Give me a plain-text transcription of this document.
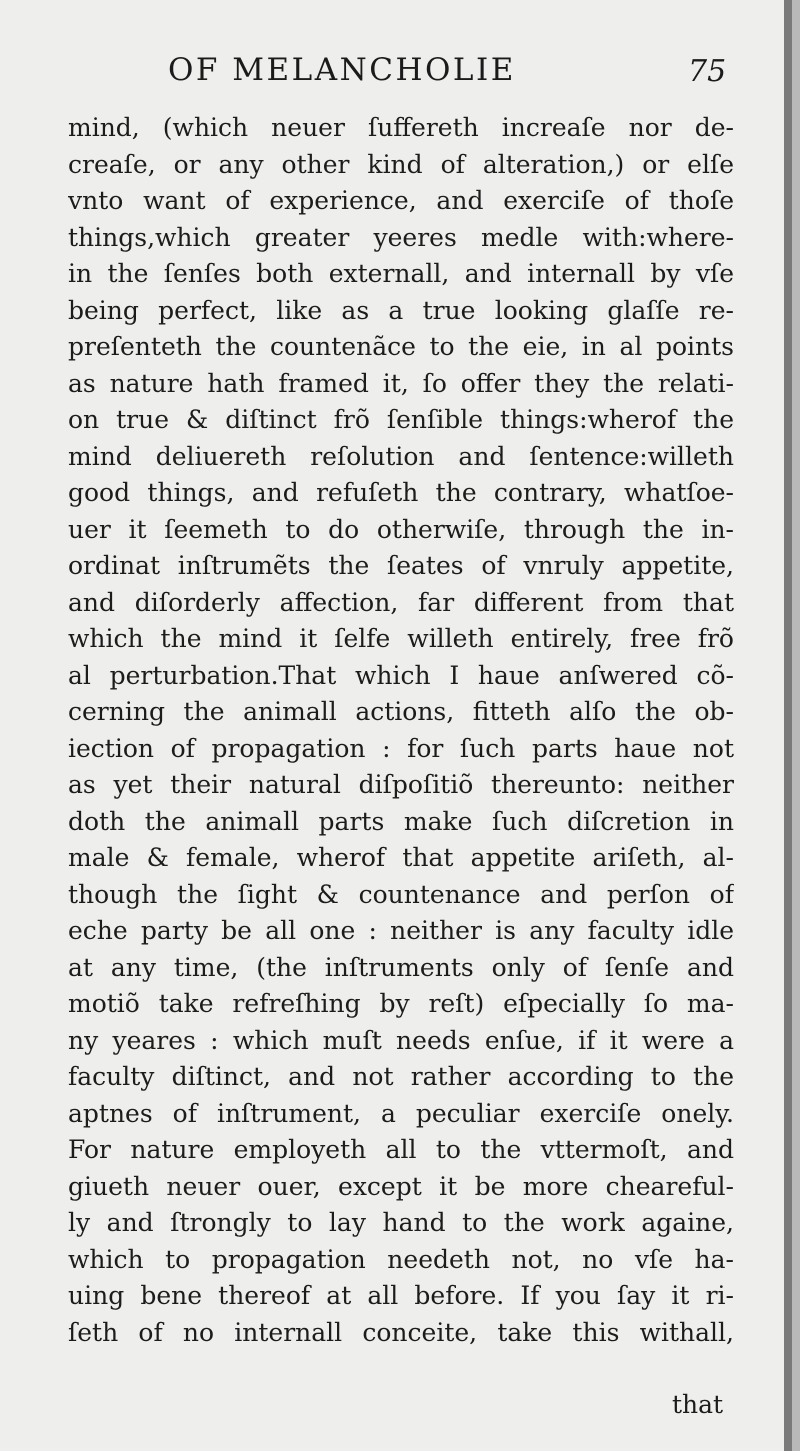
OF MELANCHOLIE	75
mind, (which neuer ſuffereth increaſe nor de-
creaſe, or any other kind of alteration,) or elſe
vnto want of experience, and exerciſe of thoſe
things,which greater yeeres medle with:where-
in the ſenſes both externall, and internall by vſe
being perfect, like as a true looking glaſſe re-
preſenteth the countenãce to the eie, in al points
as nature hath framed it, ſo offer they the relati-
on true & diſtinct frõ ſenſible things:wherof the
mind deliuereth reſolution and ſentence:willeth
good things, and refuſeth the contrary, whatſoe-
uer it ſeemeth to do otherwiſe, through the in-
ordinat inſtrumẽts the ſeates of vnruly appetite,
and diſorderly affection, far different from that
which the mind it ſelfe willeth entirely, free frõ
al perturbation.That which I haue anſwered cõ-
cerning the animall actions, fitteth alſo the ob-
iection of propagation : for ſuch parts haue not
as yet their natural diſpoſitiõ thereunto: neither
doth the animall parts make ſuch diſcretion in
male & female, wherof that appetite ariſeth, al-
though the ſight & countenance and perſon of
eche party be all one : neither is any faculty idle
at any time, (the inſtruments only of ſenſe and
motiõ take refreſhing by reſt) eſpecially ſo ma-
ny yeares : which muſt needs enſue, if it were a
faculty diſtinct, and not rather according to the
aptnes of inſtrument, a peculiar exerciſe onely.
For nature employeth all to the vttermoſt, and
giueth neuer ouer, except it be more cheareful-
ly and ſtrongly to lay hand to the work againe,
which to propagation needeth not, no vſe ha-
uing bene thereof at all before. If you ſay it ri-
ſeth of no internall conceite, take this withall,
that
